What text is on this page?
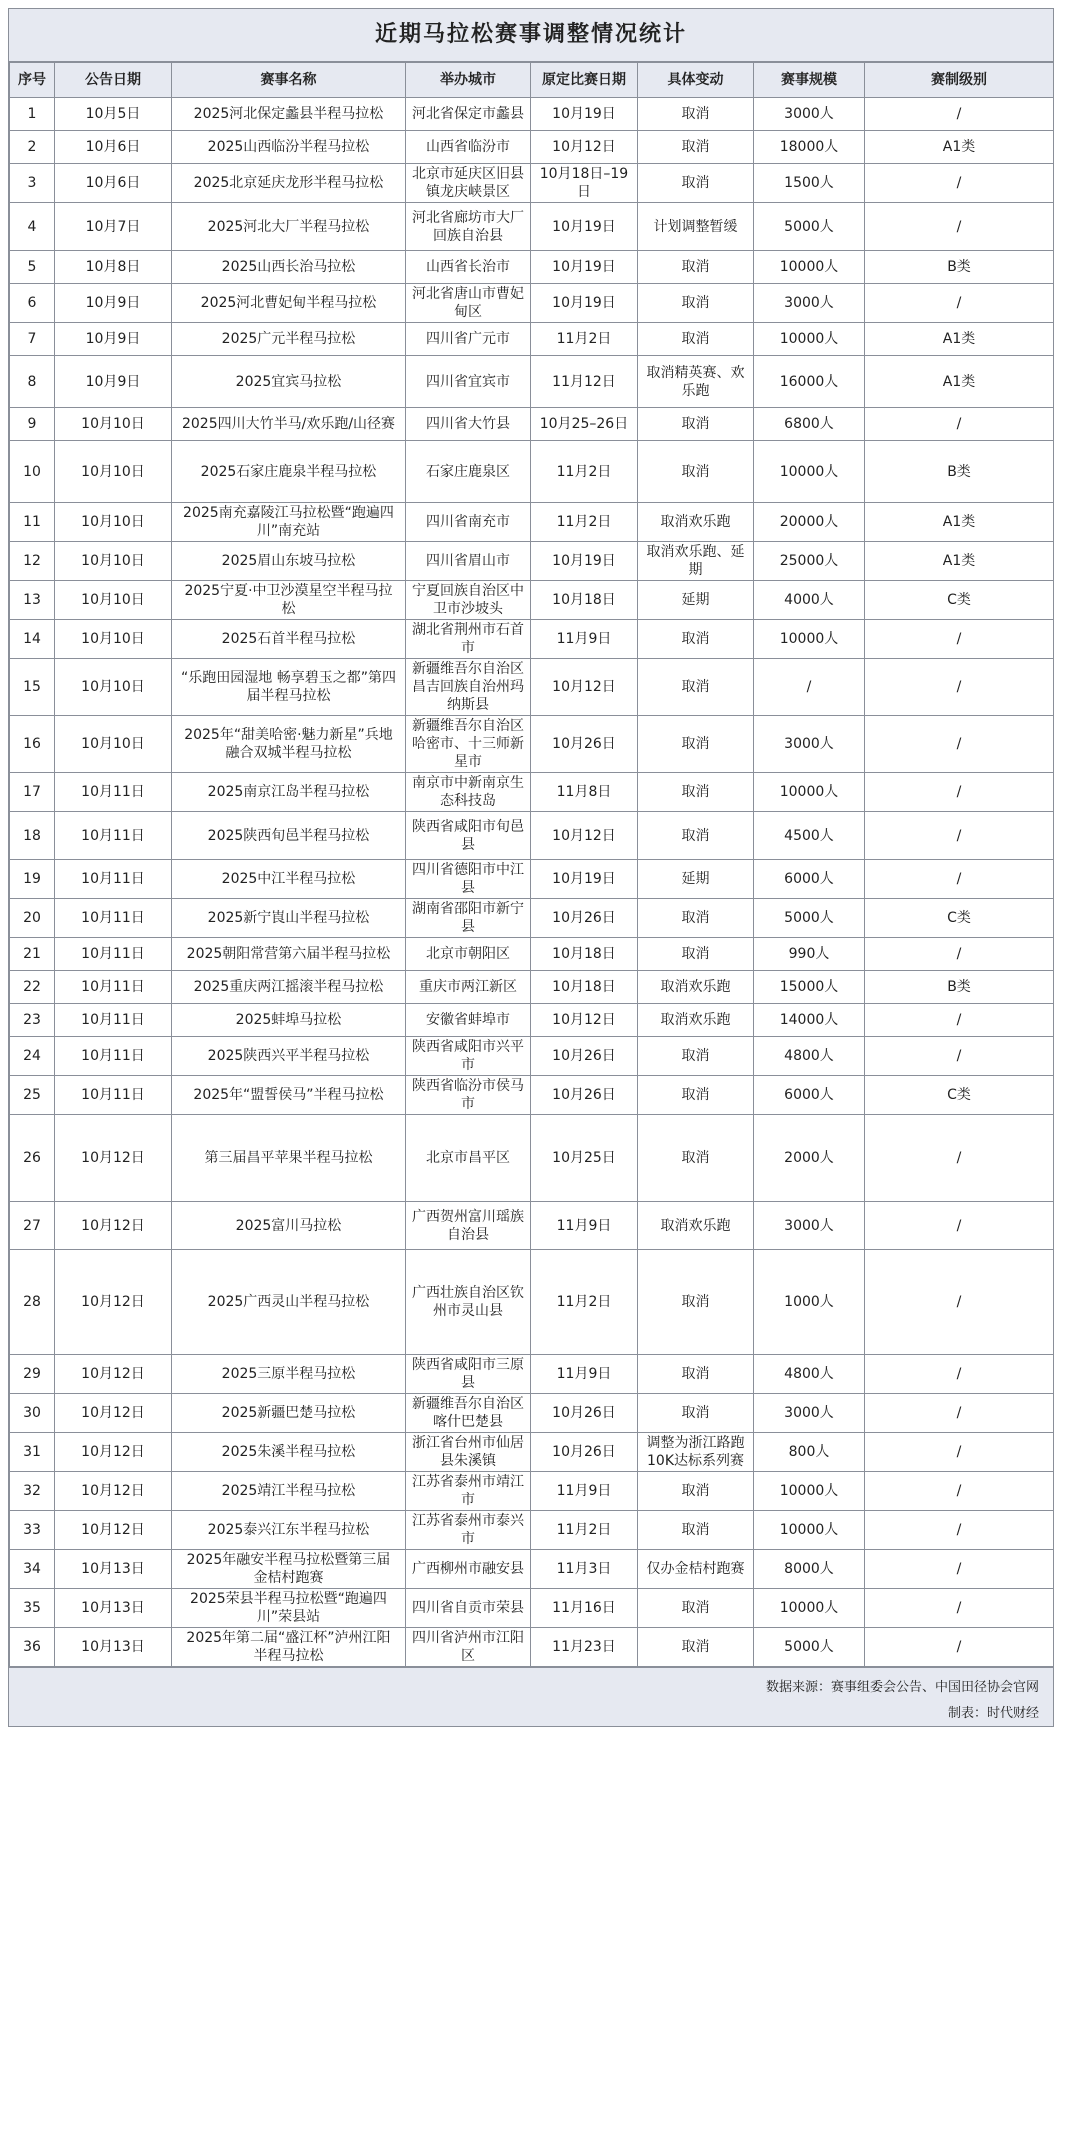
近期马拉松赛事调整情况统计
序号	公告日期	赛事名称	举办城市	原定比赛日期	具体变动	赛事规模	赛制级别
1	10月5日	2025河北保定蠡县半程马拉松	河北省保定市蠡县	10月19日	取消	3000人	/
2	10月6日	2025山西临汾半程马拉松	山西省临汾市	10月12日	取消	18000人	A1类
3	10月6日	2025北京延庆龙形半程马拉松	北京市延庆区旧县镇龙庆峡景区	10月18日–19日	取消	1500人	/
4	10月7日	2025河北大厂半程马拉松	河北省廊坊市大厂回族自治县	10月19日	计划调整暂缓	5000人	/
5	10月8日	2025山西长治马拉松	山西省长治市	10月19日	取消	10000人	B类
6	10月9日	2025河北曹妃甸半程马拉松	河北省唐山市曹妃甸区	10月19日	取消	3000人	/
7	10月9日	2025广元半程马拉松	四川省广元市	11月2日	取消	10000人	A1类
8	10月9日	2025宜宾马拉松	四川省宜宾市	11月12日	取消精英赛、欢乐跑	16000人	A1类
9	10月10日	2025四川大竹半马/欢乐跑/山径赛	四川省大竹县	10月25–26日	取消	6800人	/
10	10月10日	2025石家庄鹿泉半程马拉松	石家庄鹿泉区	11月2日	取消	10000人	B类
11	10月10日	2025南充嘉陵江马拉松暨“跑遍四川”南充站	四川省南充市	11月2日	取消欢乐跑	20000人	A1类
12	10月10日	2025眉山东坡马拉松	四川省眉山市	10月19日	取消欢乐跑、延期	25000人	A1类
13	10月10日	2025宁夏·中卫沙漠星空半程马拉松	宁夏回族自治区中卫市沙坡头	10月18日	延期	4000人	C类
14	10月10日	2025石首半程马拉松	湖北省荆州市石首市	11月9日	取消	10000人	/
15	10月10日	“乐跑田园湿地 畅享碧玉之都”第四届半程马拉松	新疆维吾尔自治区昌吉回族自治州玛纳斯县	10月12日	取消	/	/
16	10月10日	2025年“甜美哈密·魅力新星”兵地融合双城半程马拉松	新疆维吾尔自治区哈密市、十三师新星市	10月26日	取消	3000人	/
17	10月11日	2025南京江岛半程马拉松	南京市中新南京生态科技岛	11月8日	取消	10000人	/
18	10月11日	2025陕西旬邑半程马拉松	陕西省咸阳市旬邑县	10月12日	取消	4500人	/
19	10月11日	2025中江半程马拉松	四川省德阳市中江县	10月19日	延期	6000人	/
20	10月11日	2025新宁崀山半程马拉松	湖南省邵阳市新宁县	10月26日	取消	5000人	C类
21	10月11日	2025朝阳常营第六届半程马拉松	北京市朝阳区	10月18日	取消	990人	/
22	10月11日	2025重庆两江摇滚半程马拉松	重庆市两江新区	10月18日	取消欢乐跑	15000人	B类
23	10月11日	2025蚌埠马拉松	安徽省蚌埠市	10月12日	取消欢乐跑	14000人	/
24	10月11日	2025陕西兴平半程马拉松	陕西省咸阳市兴平市	10月26日	取消	4800人	/
25	10月11日	2025年“盟誓侯马”半程马拉松	陕西省临汾市侯马市	10月26日	取消	6000人	C类
26	10月12日	第三届昌平苹果半程马拉松	北京市昌平区	10月25日	取消	2000人	/
27	10月12日	2025富川马拉松	广西贺州富川瑶族自治县	11月9日	取消欢乐跑	3000人	/
28	10月12日	2025广西灵山半程马拉松	广西壮族自治区钦州市灵山县	11月2日	取消	1000人	/
29	10月12日	2025三原半程马拉松	陕西省咸阳市三原县	11月9日	取消	4800人	/
30	10月12日	2025新疆巴楚马拉松	新疆维吾尔自治区喀什巴楚县	10月26日	取消	3000人	/
31	10月12日	2025朱溪半程马拉松	浙江省台州市仙居县朱溪镇	10月26日	调整为浙江路跑10K达标系列赛	800人	/
32	10月12日	2025靖江半程马拉松	江苏省泰州市靖江市	11月9日	取消	10000人	/
33	10月12日	2025泰兴江东半程马拉松	江苏省泰州市泰兴市	11月2日	取消	10000人	/
34	10月13日	2025年融安半程马拉松暨第三届金桔村跑赛	广西柳州市融安县	11月3日	仅办金桔村跑赛	8000人	/
35	10月13日	2025荣县半程马拉松暨“跑遍四川”荣县站	四川省自贡市荣县	11月16日	取消	10000人	/
36	10月13日	2025年第二届“盛江杯”泸州江阳半程马拉松	四川省泸州市江阳区	11月23日	取消	5000人	/
数据来源：赛事组委会公告、中国田径协会官网
制表：时代财经
